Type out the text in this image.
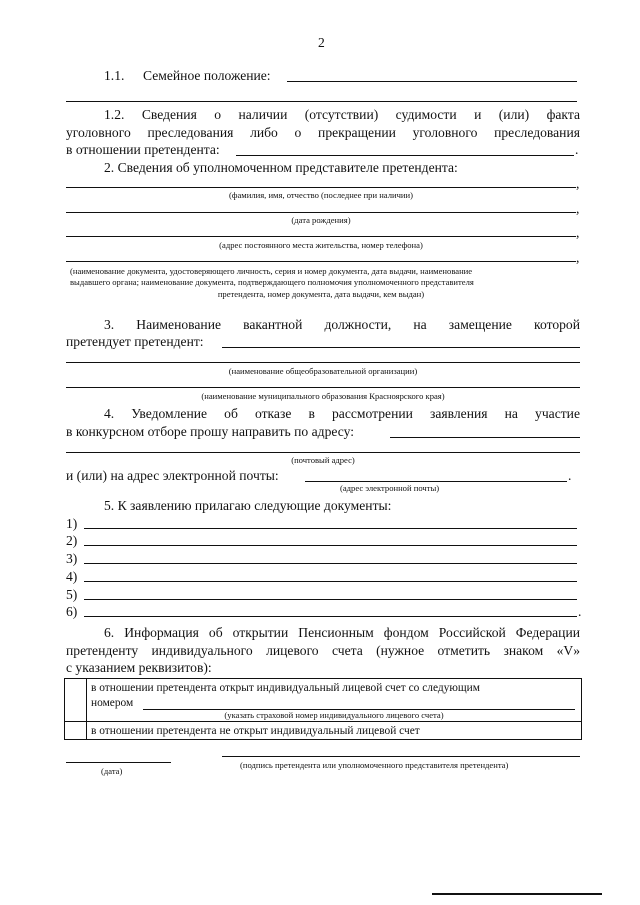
2
1.1. Семейное положение:
1.2. Сведения о наличии (отсутствии) судимости и (или) факта
уголовного преследования либо о прекращении уголовного преследования
в отношении претендента:	.
2. Сведения об уполномоченном представителе претендента:
,
(фамилия, имя, отчество (последнее при наличии)
,
(дата рождения)
,
(адрес постоянного места жительства, номер телефона)
,
(наименование документа, удостоверяющего личность, серия и номер документа, дата выдачи, наименование
выдавшего органа; наименование документа, подтверждающего полномочия уполномоченного представителя
претендента, номер документа, дата выдачи, кем выдан)
3. Наименование вакантной должности, на замещение которой
претендует претендент:
(наименование общеобразовательной организации)
(наименование муниципального образования Красноярского края)
4. Уведомление об отказе в рассмотрении заявления на участие
в конкурсном отборе прошу направить по адресу:
(почтовый адрес)
и (или) на адрес электронной почты:	.
(адрес электронной почты)
5. К заявлению прилагаю следующие документы:
1)
2)
3)
4)
5)
6)	.
6. Информация об открытии Пенсионным фондом Российской Федерации
претенденту индивидуального лицевого счета (нужное отметить знаком «V»
с указанием реквизитов):

	в отношении претендента открыт индивидуальный лицевой счет со следующим
номером
(указать страховой номер индивидуального лицевого счета)

	в отношении претендента не открыт индивидуальный лицевой счет
(дата)
(подпись претендента или уполномоченного представителя претендента)
